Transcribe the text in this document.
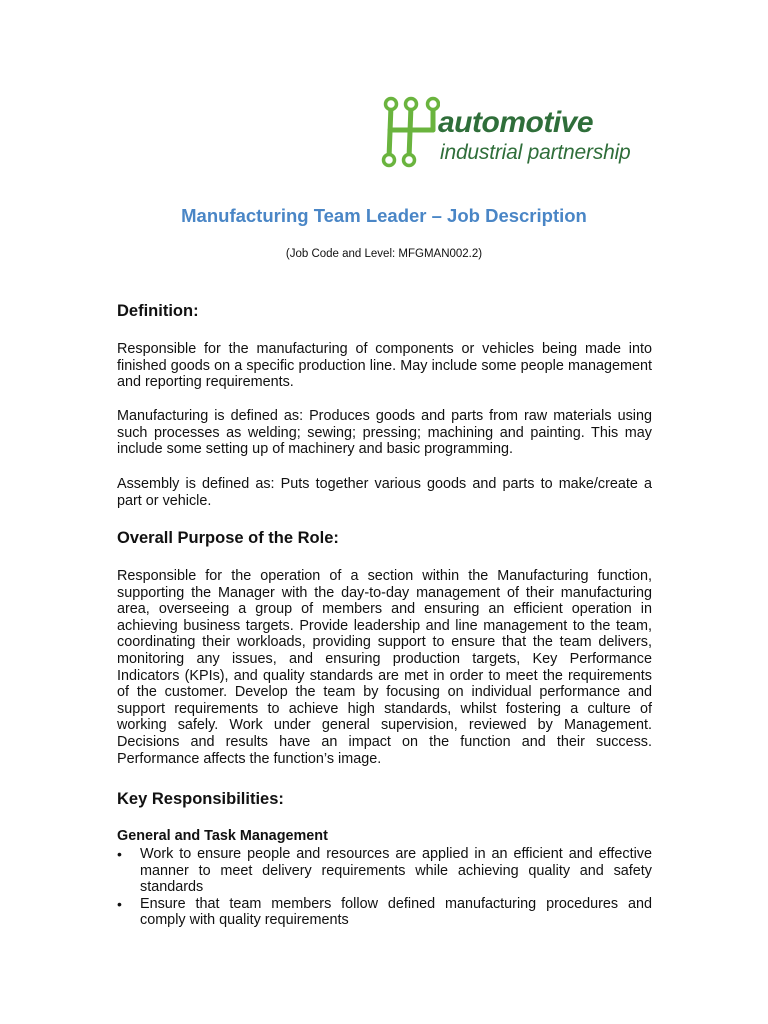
automotive
industrial partnership
Manufacturing Team Leader – Job Description
(Job Code and Level: MFGMAN002.2)
Definition:
Responsible for the manufacturing of components or vehicles being made into finished goods on a specific production line. May include some people management and reporting requirements.
Manufacturing is defined as: Produces goods and parts from raw materials using such processes as welding; sewing; pressing; machining and painting. This may include some setting up of machinery and basic programming.
Assembly is defined as: Puts together various goods and parts to make/create a part or vehicle.
Overall Purpose of the Role:
Responsible for the operation of a section within the Manufacturing function, supporting the Manager with the day-to-day management of their manufacturing area, overseeing a group of members and ensuring an efficient operation in achieving business targets. Provide leadership and line management to the team, coordinating their workloads, providing support to ensure that the team delivers, monitoring any issues, and ensuring production targets, Key Performance Indicators (KPIs), and quality standards are met in order to meet the requirements of the customer. Develop the team by focusing on individual performance and support requirements to achieve high standards, whilst fostering a culture of working safely. Work under general supervision, reviewed by Management. Decisions and results have an impact on the function and their success. Performance affects the function’s image.
Key Responsibilities:
General and Task Management
•	Work to ensure people and resources are applied in an efficient and effective manner to meet delivery requirements while achieving quality and safety standards
•	Ensure that team members follow defined manufacturing procedures and comply with quality requirements
